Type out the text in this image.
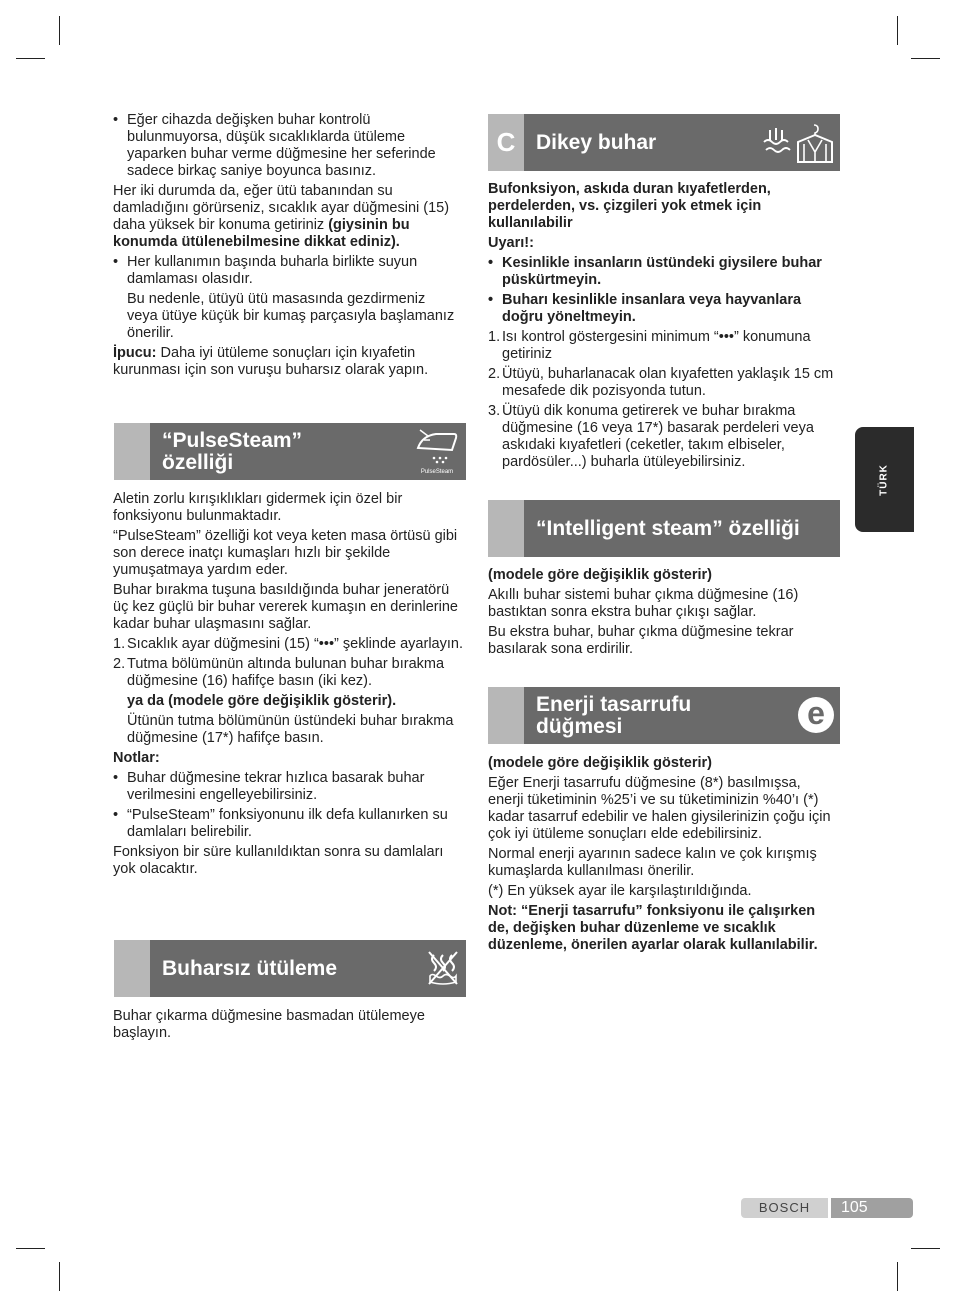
• Eğer cihazda değişken buhar kontrolü bulunmuyorsa, düşük sıcaklıklarda ütüleme yaparken buhar verme düğmesine her seferinde sadece birkaç saniye boyunca basınız.

Her iki durumda da, eğer ütü tabanından su damladığını görürseniz, sıcaklık ayar düğmesini (15) daha yüksek bir konuma getiriniz (giysinin bu konumda ütülenebilmesine dikkat ediniz).

• Her kullanımın başında buharla birlikte suyun damlaması olasıdır.

Bu nedenle, ütüyü ütü masasında gezdirmeniz veya ütüye küçük bir kumaş parçasıyla başlamanız önerilir.

İpucu: Daha iyi ütüleme sonuçları için kıyafetin kurunması için son vuruşu buharsız olarak yapın.

“PulseSteam”
özelliği	PulseSteam

Aletin zorlu kırışıklıkları gidermek için özel bir fonksiyonu bulunmaktadır.

“PulseSteam” özelliği kot veya keten masa örtüsü gibi son derece inatçı kumaşları hızlı bir şekilde yumuşatmaya yardım eder.

Buhar bırakma tuşuna basıldığında buhar jeneratörü üç kez güçlü bir buhar vererek kumaşın en derinlerine kadar buhar ulaşmasını sağlar.

1. Sıcaklık ayar düğmesini (15) “•••” şeklinde ayarlayın.
2. Tutma bölümünün altında bulunan buhar bırakma düğmesine (16) hafifçe basın (iki kez).
ya da (modele göre değişiklik gösterir).
Ütünün tutma bölümünün üstündeki buhar bırakma düğmesine (17*) hafifçe basın.

Notlar:

• Buhar düğmesine tekrar hızlıca basarak buhar verilmesini engelleyebilirsiniz.
• “PulseSteam” fonksiyonunu ilk defa kullanırken su damlaları belirebilir.

Fonksiyon bir süre kullanıldıktan sonra su damlaları yok olacaktır.

Buharsız ütüleme

Buhar çıkarma düğmesine basmadan ütülemeye başlayın.

C Dikey buhar

Bufonksiyon, askıda duran kıyafetlerden, perdelerden, vs. çizgileri yok etmek için kullanılabilir

Uyarı!:

• Kesinlikle insanların üstündeki giysilere buhar püskürtmeyin.
• Buharı kesinlikle insanlara veya hayvanlara doğru yöneltmeyin.
1. Isı kontrol göstergesini minimum “•••” konumuna getiriniz
2. Ütüyü, buharlanacak olan kıyafetten yaklaşık 15 cm mesafede dik pozisyonda tutun.
3. Ütüyü dik konuma getirerek ve buhar bırakma düğmesine (16 veya 17*) basarak perdeleri veya askıdaki kıyafetleri (ceketler, takım elbiseler, pardösüler...) buharla ütüleyebilirsiniz.
“Intelligent steam” özelliği

(modele göre değişiklik gösterir)

Akıllı buhar sistemi buhar çıkma düğmesine (16) bastıktan sonra ekstra buhar çıkışı sağlar.

Bu ekstra buhar, buhar çıkma düğmesine tekrar basılarak sona erdirilir.

Enerji tasarrufu
düğmesi	e

(modele göre değişiklik gösterir)

Eğer Enerji tasarrufu düğmesine (8*) basılmışsa, enerji tüketiminin %25’i ve su tüketiminizin %40’ı (*) kadar tasarruf edebilir ve halen giysilerinizin çoğu için çok iyi ütüleme sonuçları elde edebilirsiniz.

Normal enerji ayarının sadece kalın ve çok kırışmış kumaşlarda kullanılması önerilir.

(*) En yüksek ayar ile karşılaştırıldığında.

Not: “Enerji tasarrufu” fonksiyonu ile çalışırken de, değişken buhar düzenleme ve sıcaklık düzenleme, önerilen ayarlar olarak kullanılabilir.

TÜRK
BOSCH	105
